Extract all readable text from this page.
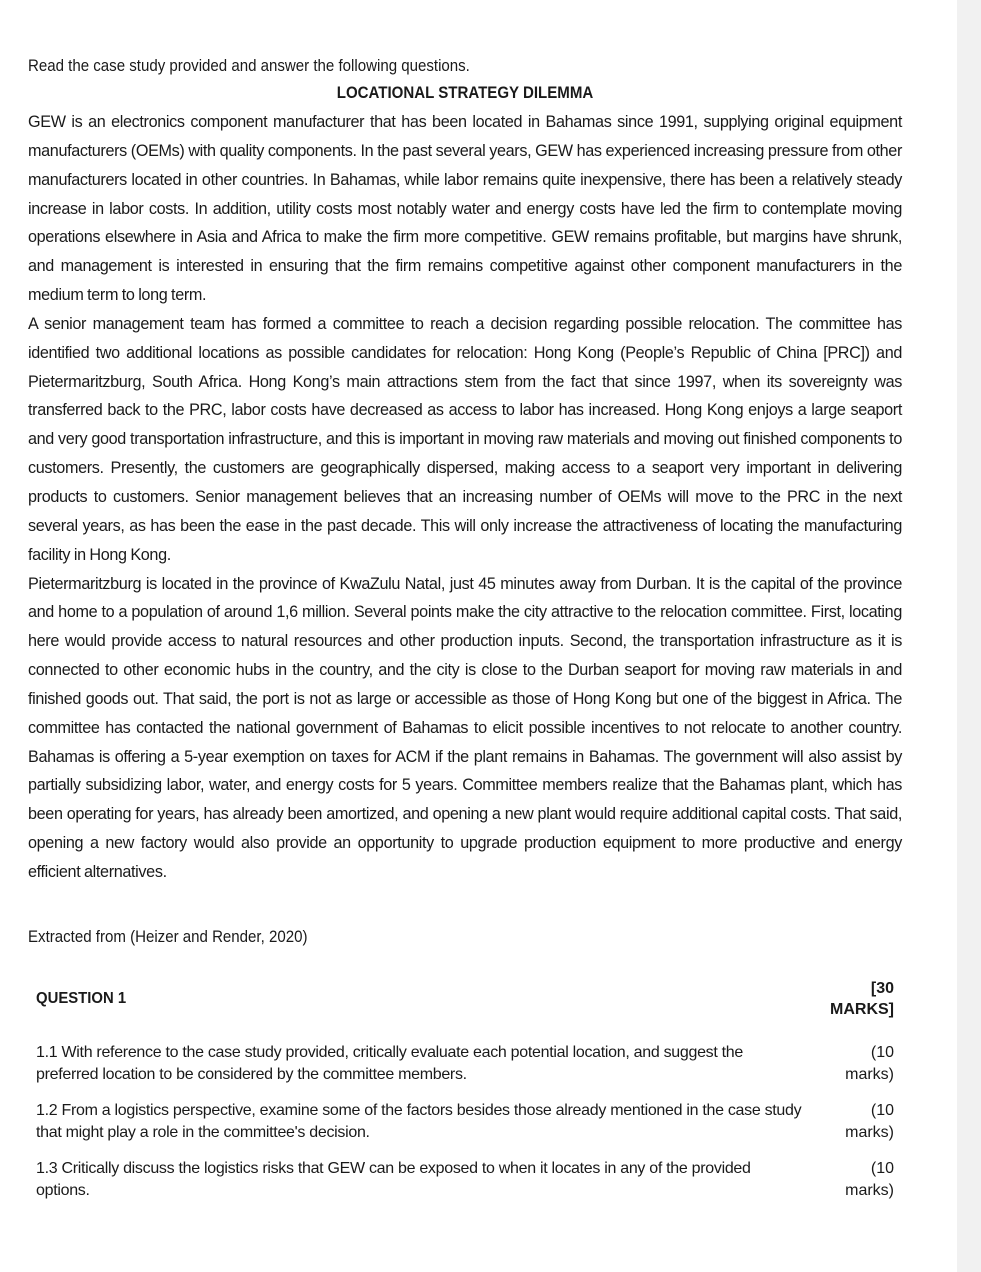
Read the case study provided and answer the following questions.

LOCATIONAL STRATEGY DILEMMA

GEW is an electronics component manufacturer that has been located in Bahamas since 1991, supplying original equipment manufacturers (OEMs) with quality components. In the past several years, GEW has experienced increasing pressure from other manufacturers located in other countries. In Bahamas, while labor remains quite inexpensive, there has been a relatively steady increase in labor costs. In addition, utility costs most notably water and energy costs have led the firm to contemplate moving operations elsewhere in Asia and Africa to make the firm more competitive. GEW remains profitable, but margins have shrunk, and management is interested in ensuring that the firm remains competitive against other component manufacturers in the medium term to long term.

A senior management team has formed a committee to reach a decision regarding possible relocation. The committee has identified two additional locations as possible candidates for relocation: Hong Kong (People’s Republic of China [PRC]) and Pietermaritzburg, South Africa. Hong Kong’s main attractions stem from the fact that since 1997, when its sovereignty was transferred back to the PRC, labor costs have decreased as access to labor has increased. Hong Kong enjoys a large seaport and very good transportation infrastructure, and this is important in moving raw materials and moving out finished components to customers. Presently, the customers are geographically dispersed, making access to a seaport very important in delivering products to customers. Senior management believes that an increasing number of OEMs will move to the PRC in the next several years, as has been the ease in the past decade. This will only increase the attractiveness of locating the manufacturing facility in Hong Kong.

Pietermaritzburg is located in the province of KwaZulu Natal, just 45 minutes away from Durban. It is the capital of the province and home to a population of around 1,6 million. Several points make the city attractive to the relocation committee. First, locating here would provide access to natural resources and other production inputs. Second, the transportation infrastructure as it is connected to other economic hubs in the country, and the city is close to the Durban seaport for moving raw materials in and finished goods out. That said, the port is not as large or accessible as those of Hong Kong but one of the biggest in Africa. The committee has contacted the national government of Bahamas to elicit possible incentives to not relocate to another country. Bahamas is offering a 5-year exemption on taxes for ACM if the plant remains in Bahamas. The government will also assist by partially subsidizing labor, water, and energy costs for 5 years. Committee members realize that the Bahamas plant, which has been operating for years, has already been amortized, and opening a new plant would require additional capital costs. That said, opening a new factory would also provide an opportunity to upgrade production equipment to more productive and energy efficient alternatives.

Extracted from (Heizer and Render, 2020)

QUESTION 1
[30
MARKS]
1.1 With reference to the case study provided, critically evaluate each potential location, and suggest the preferred location to be considered by the committee members.
(10
marks)
1.2 From a logistics perspective, examine some of the factors besides those already mentioned in the case study that might play a role in the committee's decision.
(10
marks)
1.3 Critically discuss the logistics risks that GEW can be exposed to when it locates in any of the provided options.
(10
marks)
